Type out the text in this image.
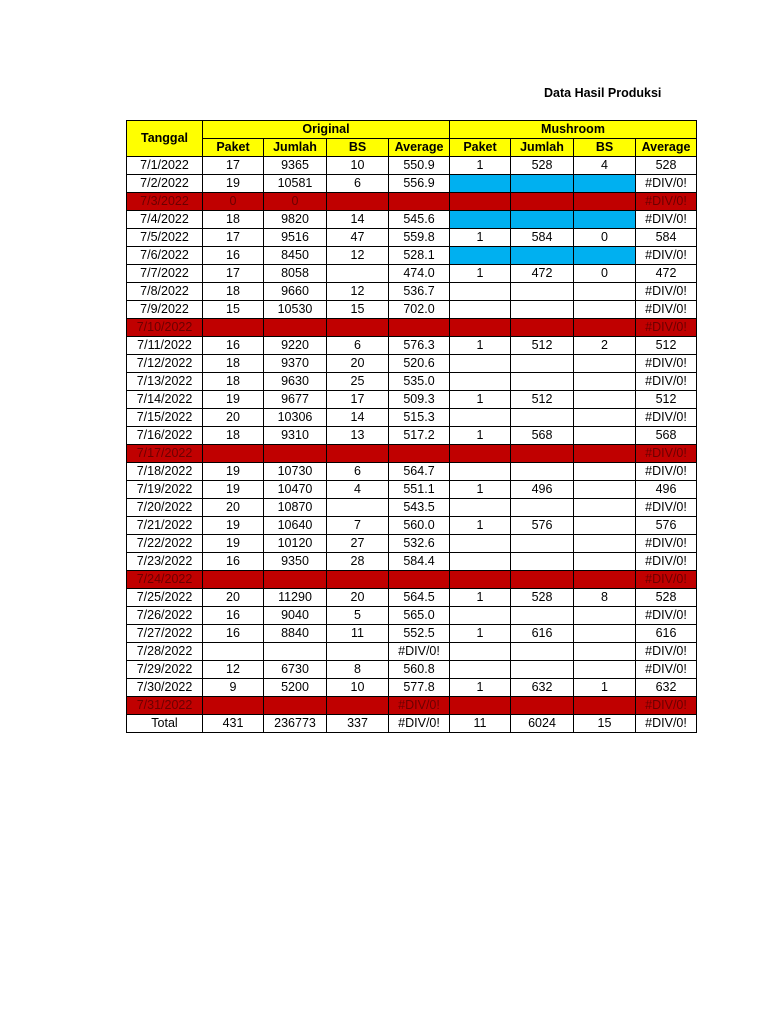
Data Hasil Produksi
Tanggal	Original				Mushroom			
	Paket	Jumlah	BS	Average	Paket	Jumlah	BS	Average
7/1/2022	17	9365	10	550.9	1	528	4	528
7/2/2022	19	10581	6	556.9				#DIV/0!
7/3/2022	0	0						#DIV/0!
7/4/2022	18	9820	14	545.6				#DIV/0!
7/5/2022	17	9516	47	559.8	1	584	0	584
7/6/2022	16	8450	12	528.1				#DIV/0!
7/7/2022	17	8058		474.0	1	472	0	472
7/8/2022	18	9660	12	536.7				#DIV/0!
7/9/2022	15	10530	15	702.0				#DIV/0!
7/10/2022								#DIV/0!
7/11/2022	16	9220	6	576.3	1	512	2	512
7/12/2022	18	9370	20	520.6				#DIV/0!
7/13/2022	18	9630	25	535.0				#DIV/0!
7/14/2022	19	9677	17	509.3	1	512		512
7/15/2022	20	10306	14	515.3				#DIV/0!
7/16/2022	18	9310	13	517.2	1	568		568
7/17/2022								#DIV/0!
7/18/2022	19	10730	6	564.7				#DIV/0!
7/19/2022	19	10470	4	551.1	1	496		496
7/20/2022	20	10870		543.5				#DIV/0!
7/21/2022	19	10640	7	560.0	1	576		576
7/22/2022	19	10120	27	532.6				#DIV/0!
7/23/2022	16	9350	28	584.4				#DIV/0!
7/24/2022								#DIV/0!
7/25/2022	20	11290	20	564.5	1	528	8	528
7/26/2022	16	9040	5	565.0				#DIV/0!
7/27/2022	16	8840	11	552.5	1	616		616
7/28/2022				#DIV/0!				#DIV/0!
7/29/2022	12	6730	8	560.8				#DIV/0!
7/30/2022	9	5200	10	577.8	1	632	1	632
7/31/2022				#DIV/0!				#DIV/0!
Total	431	236773	337	#DIV/0!	11	6024	15	#DIV/0!
